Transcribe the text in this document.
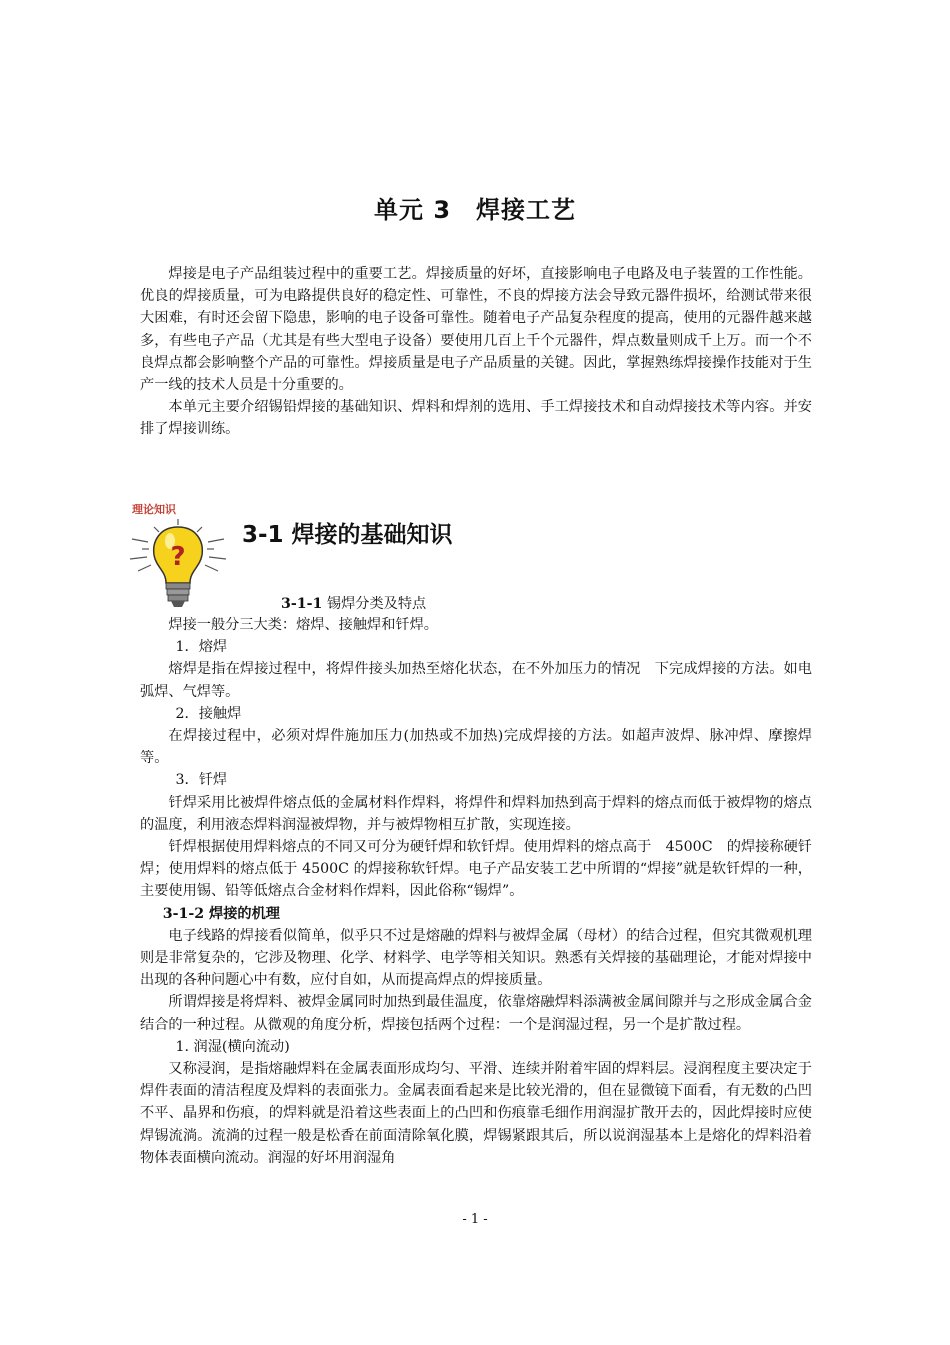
单元 3　焊接工艺

焊接是电子产品组装过程中的重要工艺。焊接质量的好坏，直接影响电子电路及电子装置的工作性能。优良的焊接质量，可为电路提供良好的稳定性、可靠性，不良的焊接方法会导致元器件损坏，给测试带来很大困难，有时还会留下隐患，影响的电子设备可靠性。随着电子产品复杂程度的提高，使用的元器件越来越多，有些电子产品（尤其是有些大型电子设备）要使用几百上千个元器件，焊点数量则成千上万。而一个不良焊点都会影响整个产品的可靠性。焊接质量是电子产品质量的关键。因此，掌握熟练焊接操作技能对于生产一线的技术人员是十分重要的。

本单元主要介绍锡铅焊接的基础知识、焊料和焊剂的选用、手工焊接技术和自动焊接技术等内容。并安排了焊接训练。

理论知识
?
3-1 焊接的基础知识
3-1-1 锡焊分类及特点

焊接一般分三大类：熔焊、接触焊和钎焊。

1．熔焊

熔焊是指在焊接过程中，将焊件接头加热至熔化状态，在不外加压力的情况　下完成焊接的方法。如电弧焊、气焊等。

2．接触焊

在焊接过程中，必须对焊件施加压力(加热或不加热)完成焊接的方法。如超声波焊、脉冲焊、摩擦焊等。

3．钎焊

钎焊采用比被焊件熔点低的金属材料作焊料，将焊件和焊料加热到高于焊料的熔点而低于被焊物的熔点的温度，利用液态焊料润湿被焊物，并与被焊物相互扩散，实现连接。

钎焊根据使用焊料熔点的不同又可分为硬钎焊和软钎焊。使用焊料的熔点高于　4500C　的焊接称硬钎焊；使用焊料的熔点低于 4500C 的焊接称软钎焊。电子产品安装工艺中所谓的“焊接”就是软钎焊的一种，主要使用锡、铅等低熔点合金材料作焊料，因此俗称“锡焊”。

3-1-2 焊接的机理

电子线路的焊接看似简单，似乎只不过是熔融的焊料与被焊金属（母材）的结合过程，但究其微观机理则是非常复杂的，它涉及物理、化学、材料学、电学等相关知识。熟悉有关焊接的基础理论，才能对焊接中出现的各种问题心中有数，应付自如，从而提高焊点的焊接质量。

所谓焊接是将焊料、被焊金属同时加热到最佳温度，依靠熔融焊料添满被金属间隙并与之形成金属合金结合的一种过程。从微观的角度分析，焊接包括两个过程：一个是润湿过程，另一个是扩散过程。

1. 润湿(横向流动)

又称浸润，是指熔融焊料在金属表面形成均匀、平滑、连续并附着牢固的焊料层。浸润程度主要决定于焊件表面的清洁程度及焊料的表面张力。金属表面看起来是比较光滑的，但在显微镜下面看，有无数的凸凹不平、晶界和伤痕，的焊料就是沿着这些表面上的凸凹和伤痕靠毛细作用润湿扩散开去的，因此焊接时应使焊锡流淌。流淌的过程一般是松香在前面清除氧化膜，焊锡紧跟其后，所以说润湿基本上是熔化的焊料沿着物体表面横向流动。润湿的好坏用润湿角

- 1 -
